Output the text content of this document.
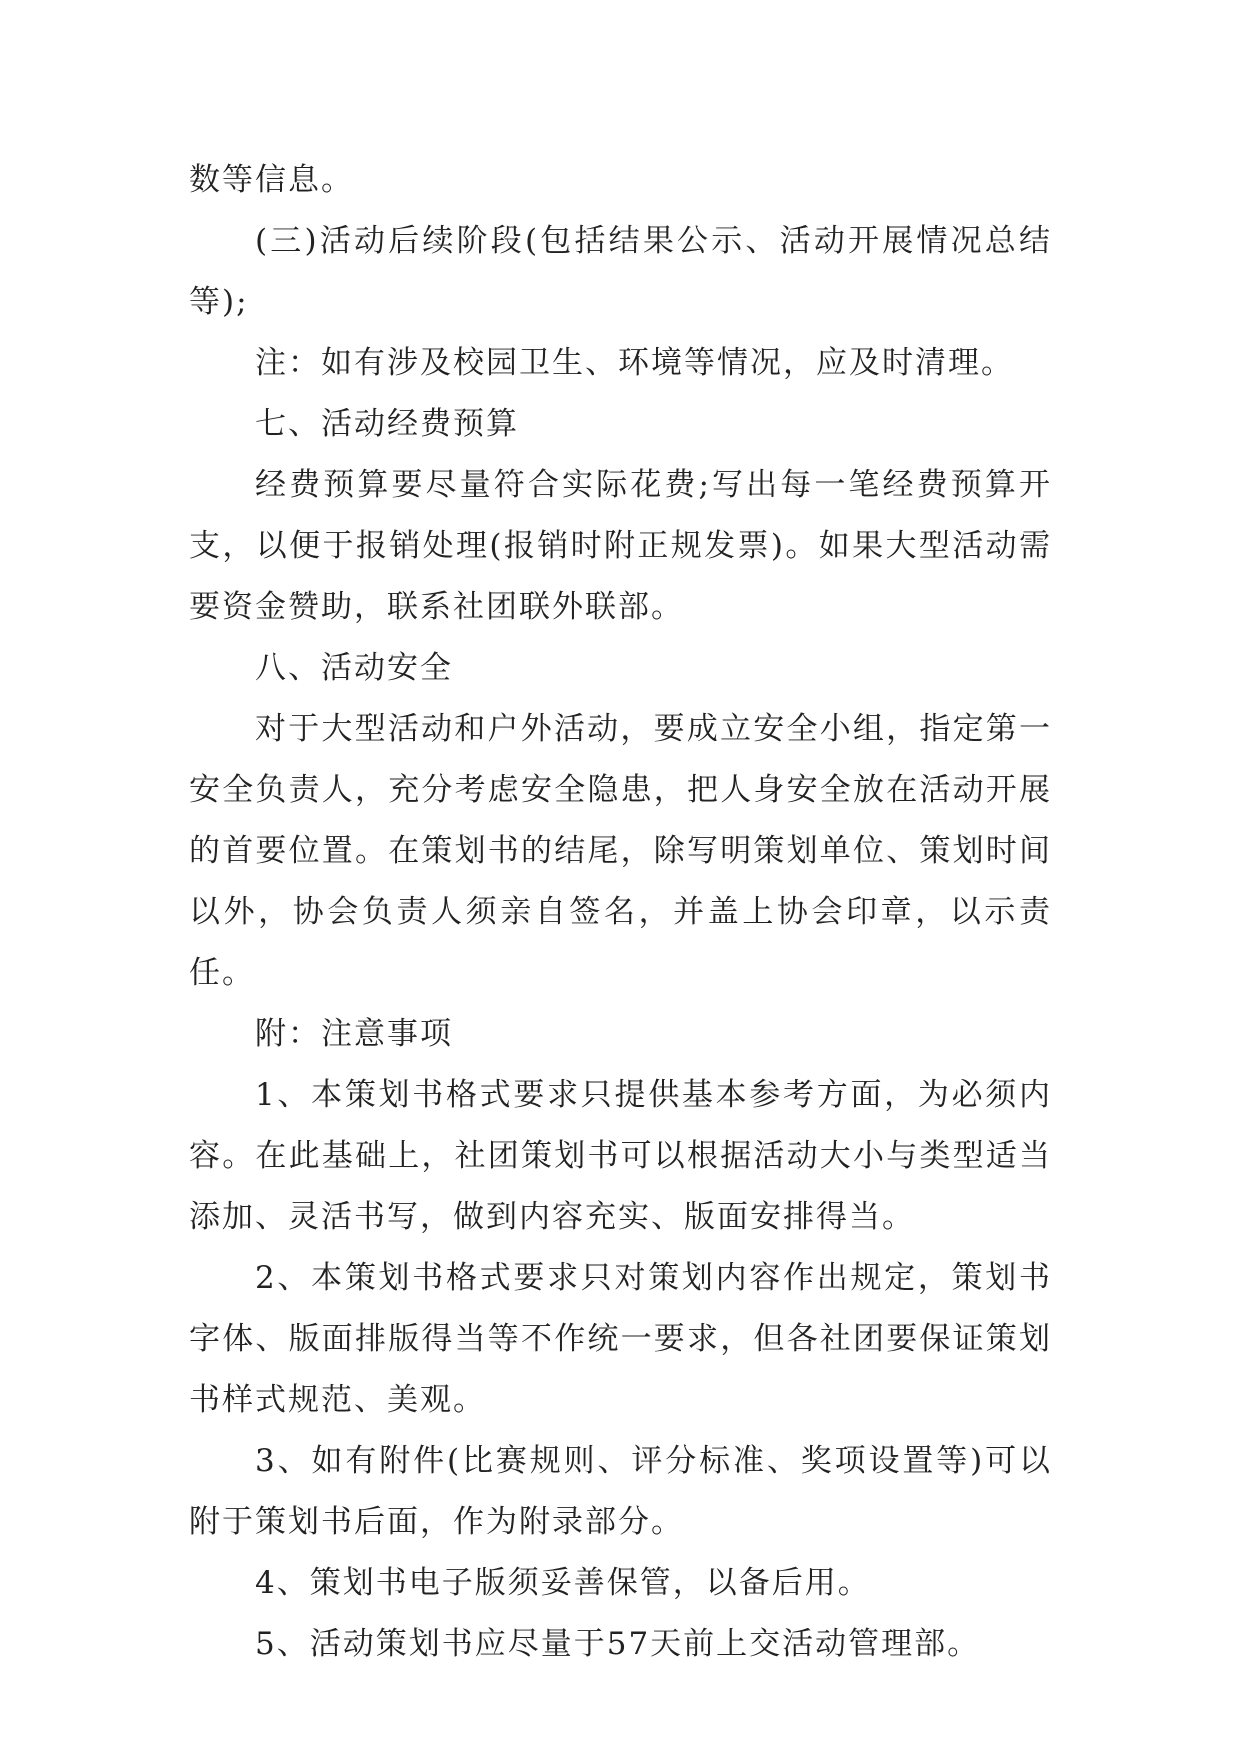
数等信息。

(三)活动后续阶段(包括结果公示、活动开展情况总结等);

注：如有涉及校园卫生、环境等情况，应及时清理。

七、活动经费预算

经费预算要尽量符合实际花费;写出每一笔经费预算开支，以便于报销处理(报销时附正规发票)。如果大型活动需要资金赞助，联系社团联外联部。

八、活动安全

对于大型活动和户外活动，要成立安全小组，指定第一安全负责人，充分考虑安全隐患，把人身安全放在活动开展的首要位置。在策划书的结尾，除写明策划单位、策划时间以外，协会负责人须亲自签名，并盖上协会印章，以示责任。

附：注意事项

1、本策划书格式要求只提供基本参考方面，为必须内容。在此基础上，社团策划书可以根据活动大小与类型适当添加、灵活书写，做到内容充实、版面安排得当。

2、本策划书格式要求只对策划内容作出规定，策划书字体、版面排版得当等不作统一要求，但各社团要保证策划书样式规范、美观。

3、如有附件(比赛规则、评分标准、奖项设置等)可以附于策划书后面，作为附录部分。

4、策划书电子版须妥善保管，以备后用。

5、活动策划书应尽量于57天前上交活动管理部。
